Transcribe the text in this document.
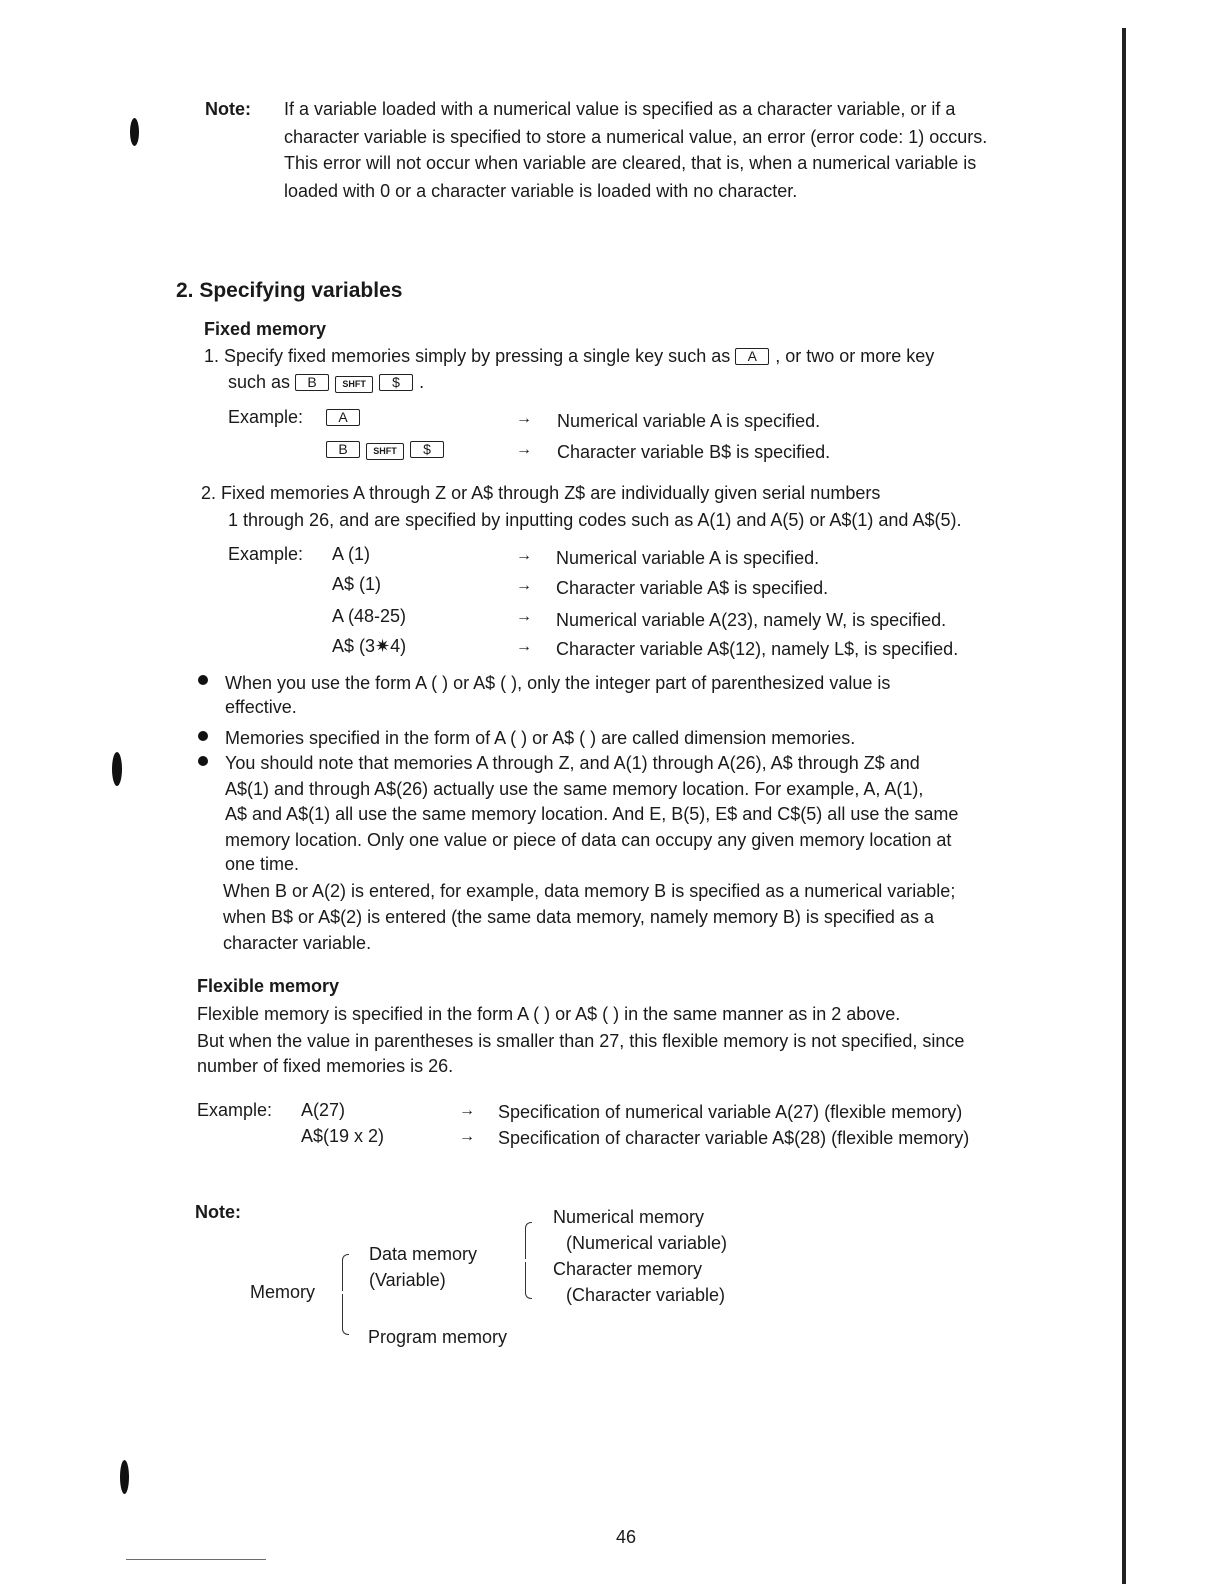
Note: If a variable loaded with a numerical value is specified as a character variable, or if a
character variable is specified to store a numerical value, an error (error code: 1) occurs.
This error will not occur when variable are cleared, that is, when a numerical variable is
loaded with 0 or a character variable is loaded with no character.
2. Specifying variables
Fixed memory
1. Specify fixed memories simply by pressing a single key such as A , or two or more key
such as B	SHFT $ .
Example:	A	→ Numerical variable A is specified.
B	SHFT $	→ Character variable B$ is specified.
2. Fixed memories A through Z or A$ through Z$ are individually given serial numbers
1 through 26, and are specified by inputting codes such as A(1) and A(5) or A$(1) and A$(5).
Example: A (1)	→ Numerical variable A is specified.
A$ (1)	→ Character variable A$ is specified.
A (48-25)	→ Numerical variable A(23), namely W, is specified.
A$ (3✷4)	→ Character variable A$(12), namely L$, is specified.
When you use the form A ( ) or A$ ( ), only the integer part of parenthesized value is
effective.
Memories specified in the form of A ( ) or A$ ( ) are called dimension memories.
You should note that memories A through Z, and A(1) through A(26), A$ through Z$ and
A$(1) and through A$(26) actually use the same memory location. For example, A, A(1),
A$ and A$(1) all use the same memory location. And E, B(5), E$ and C$(5) all use the same
memory location. Only one value or piece of data can occupy any given memory location at
one time.
When B or A(2) is entered, for example, data memory B is specified as a numerical variable;
when B$ or A$(2) is entered (the same data memory, namely memory B) is specified as a
character variable.
Flexible memory
Flexible memory is specified in the form A ( ) or A$ ( ) in the same manner as in 2 above.
But when the value in parentheses is smaller than 27, this flexible memory is not specified, since
number of fixed memories is 26.
Example: A(27)	→ Specification of numerical variable A(27) (flexible memory)
A$(19 x 2)	→ Specification of character variable A$(28) (flexible memory)
Note:
Memory
Data memory
(Variable)
Program memory
Numerical memory
(Numerical variable)
Character memory
(Character variable)
46
